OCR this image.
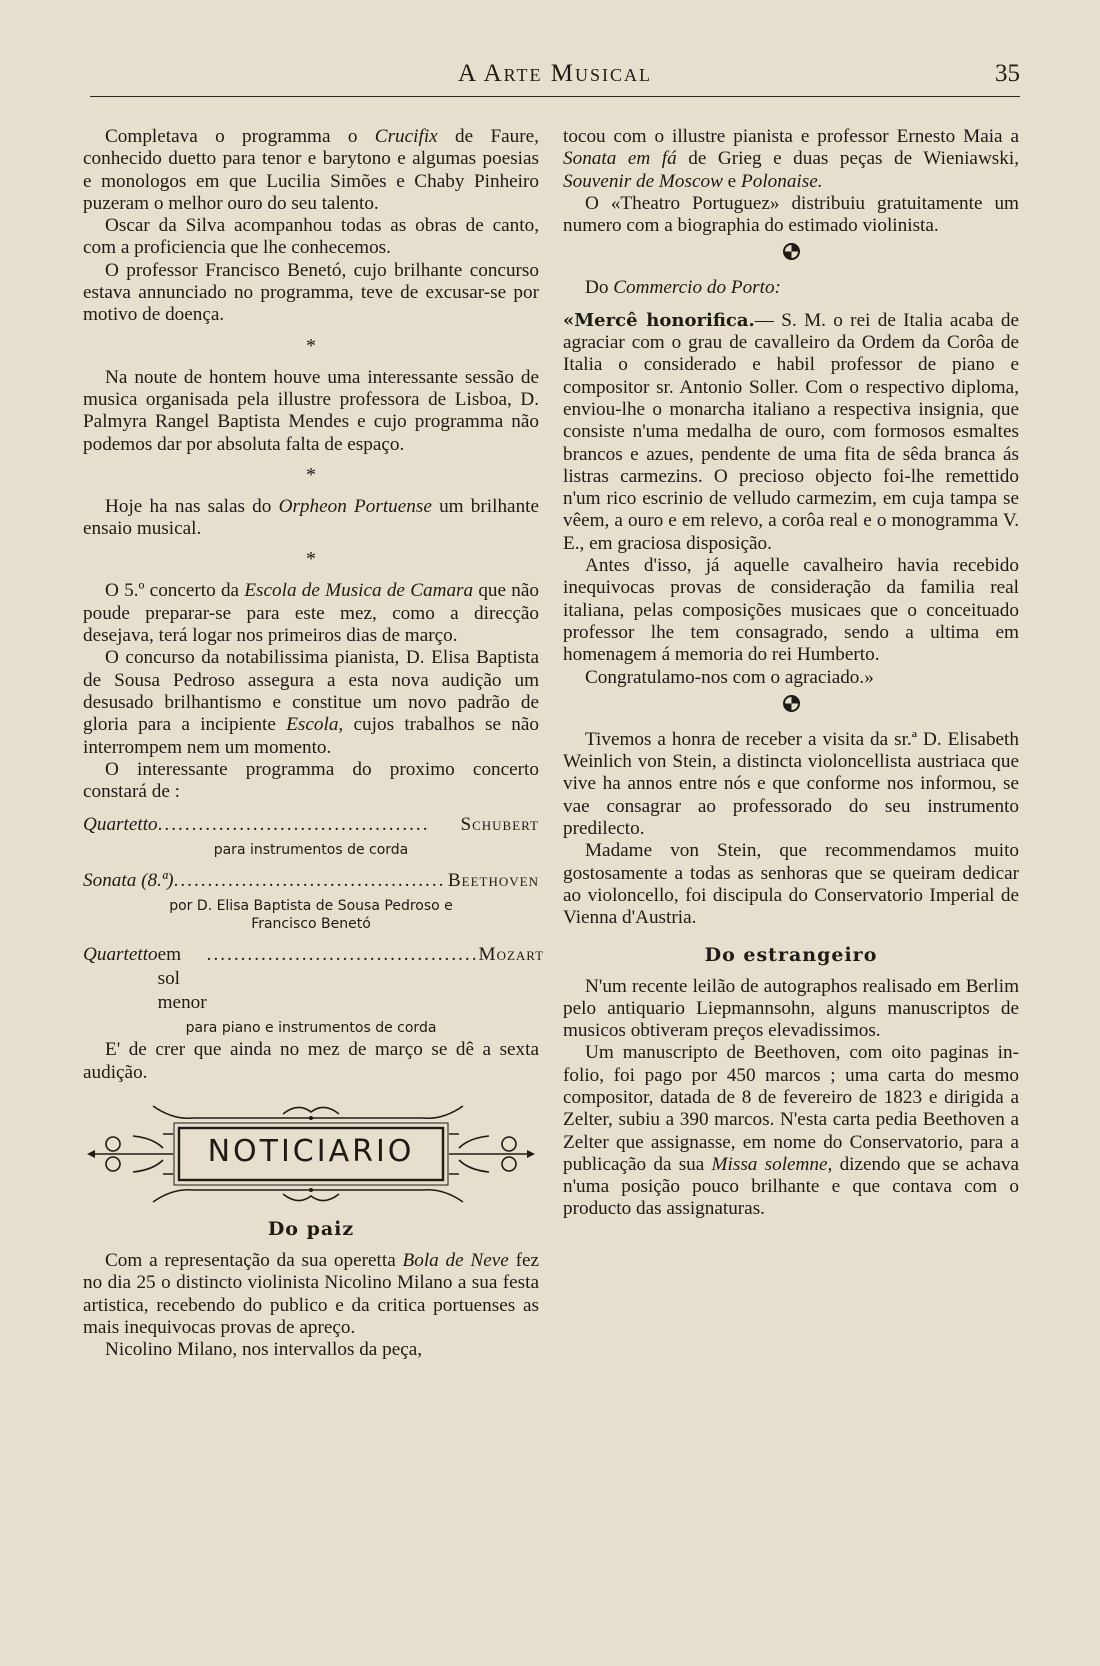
A Arte Musical	35

Completava o programma o Crucifix de Faure, conhecido duetto para tenor e barytono e algumas poesias e monologos em que Lucilia Simões e Chaby Pinheiro puzeram o melhor ouro do seu talento.

Oscar da Silva acompanhou todas as obras de canto, com a proficiencia que lhe conhecemos.

O professor Francisco Benetó, cujo brilhante concurso estava annunciado no programma, teve de excusar-se por motivo de doença.

*

Na noute de hontem houve uma interessante sessão de musica organisada pela illustre professora de Lisboa, D. Palmyra Rangel Baptista Mendes e cujo programma não podemos dar por absoluta falta de espaço.

*

Hoje ha nas salas do Orpheon Portuense um brilhante ensaio musical.

*

O 5.º concerto da Escola de Musica de Camara que não poude preparar-se para este mez, como a direcção desejava, terá logar nos primeiros dias de março.

O concurso da notabilissima pianista, D. Elisa Baptista de Sousa Pedroso assegura a esta nova audição um desusado brilhantismo e constitue um novo padrão de gloria para a incipiente Escola, cujos trabalhos se não interrompem nem um momento.

O interessante programma do proximo concerto constará de :

Quartetto ........................................	Schubert
para instrumentos de corda
Sonata (8.ª) ........................................ Beethoven
por D. Elisa Baptista de Sousa Pedroso e Francisco Benetó
Quartetto em sol menor
........................................ Mozart
para piano e instrumentos de corda

E' de crer que ainda no mez de março se dê a sexta audição.

NOTICIARIO
Do paiz

Com a representação da sua operetta Bola de Neve fez no dia 25 o distincto violinista Nicolino Milano a sua festa artistica, recebendo do publico e da critica portuenses as mais inequivocas provas de apreço.

Nicolino Milano, nos intervallos da peça,

tocou com o illustre pianista e professor Ernesto Maia a Sonata em fá de Grieg e duas peças de Wieniawski, Souvenir de Moscow e Polonaise.

O «Theatro Portuguez» distribuiu gratuitamente um numero com a biographia do estimado violinista.

Do Commercio do Porto:

«Mercê honorifica.— S. M. o rei de Italia acaba de agraciar com o grau de cavalleiro da Ordem da Corôa de Italia o considerado e habil professor de piano e compositor sr. Antonio Soller. Com o respectivo diploma, enviou-lhe o monarcha italiano a respectiva insignia, que consiste n'uma medalha de ouro, com formosos esmaltes brancos e azues, pendente de uma fita de sêda branca ás listras carmezins. O precioso objecto foi-lhe remettido n'um rico escrinio de velludo carmezim, em cuja tampa se vêem, a ouro e em relevo, a corôa real e o monogramma V. E., em graciosa disposição.

Antes d'isso, já aquelle cavalheiro havia recebido inequivocas provas de consideração da familia real italiana, pelas composições musicaes que o conceituado professor lhe tem consagrado, sendo a ultima em homenagem á memoria do rei Humberto.

Congratulamo-nos com o agraciado.»

Tivemos a honra de receber a visita da sr.ª D. Elisabeth Weinlich von Stein, a distincta violoncellista austriaca que vive ha annos entre nós e que conforme nos informou, se vae consagrar ao professorado do seu instrumento predilecto.

Madame von Stein, que recommendamos muito gostosamente a todas as senhoras que se queiram dedicar ao violoncello, foi discipula do Conservatorio Imperial de Vienna d'Austria.

Do estrangeiro

N'um recente leilão de autographos realisado em Berlim pelo antiquario Liepmannsohn, alguns manuscriptos de musicos obtiveram preços elevadissimos.

Um manuscripto de Beethoven, com oito paginas in-folio, foi pago por 450 marcos ; uma carta do mesmo compositor, datada de 8 de fevereiro de 1823 e dirigida a Zelter, subiu a 390 marcos. N'esta carta pedia Beethoven a Zelter que assignasse, em nome do Conservatorio, para a publicação da sua Missa solemne, dizendo que se achava n'uma posição pouco brilhante e que contava com o producto das assignaturas.
